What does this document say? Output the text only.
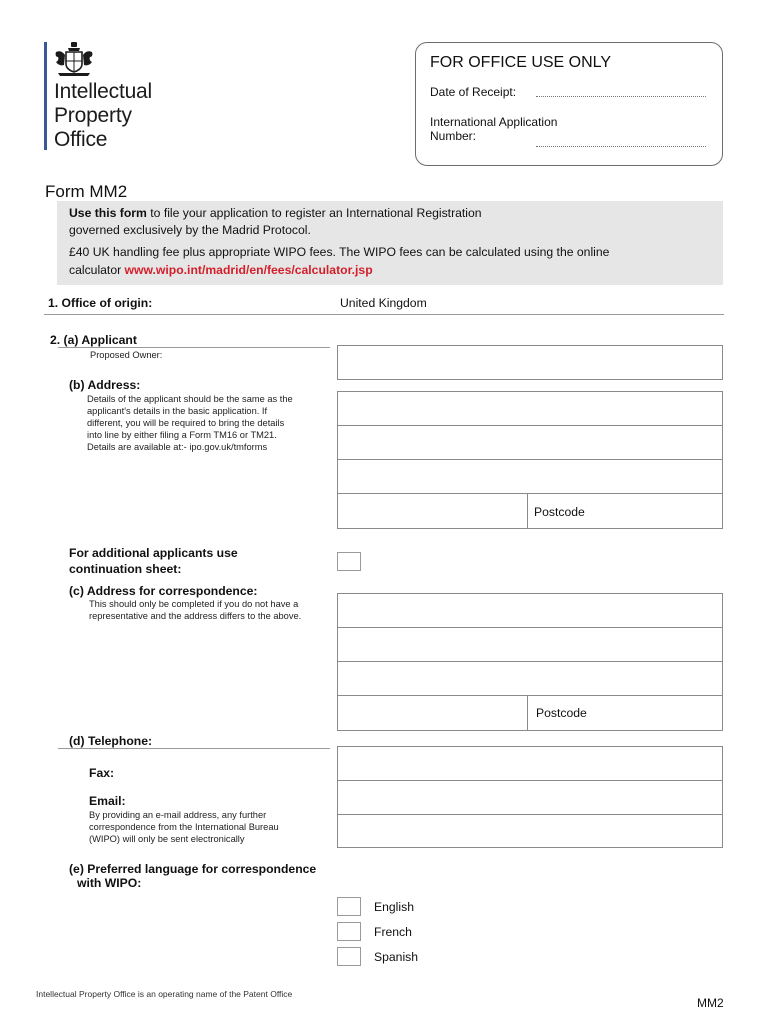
Intellectual
Property
Office
FOR OFFICE USE ONLY
Date of Receipt:
International Application
Number:
Form MM2
Use this form to file your application to register an International Registration
governed exclusively by the Madrid Protocol.
£40 UK handling fee plus appropriate WIPO fees. The WIPO fees can be calculated using the online
calculator www.wipo.int/madrid/en/fees/calculator.jsp
1. Office of origin:	United Kingdom
2. (a) Applicant
Proposed Owner:
(b) Address:
Details of the applicant should be the same as the
applicant's details in the basic application. If
different, you will be required to bring the details
into line by either filing a Form TM16 or TM21.
Details are available at:- ipo.gov.uk/tmforms
Postcode
For additional applicants use
continuation sheet:
(c) Address for correspondence:
This should only be completed if you do not have a
representative and the address differs to the above.
Postcode
(d) Telephone:
Fax:
Email:
By providing an e-mail address, any further
correspondence from the International Bureau
(WIPO) will only be sent electronically
(e) Preferred language for correspondence
with WIPO:
English
French
Spanish
Intellectual Property Office is an operating name of the Patent Office
MM2
